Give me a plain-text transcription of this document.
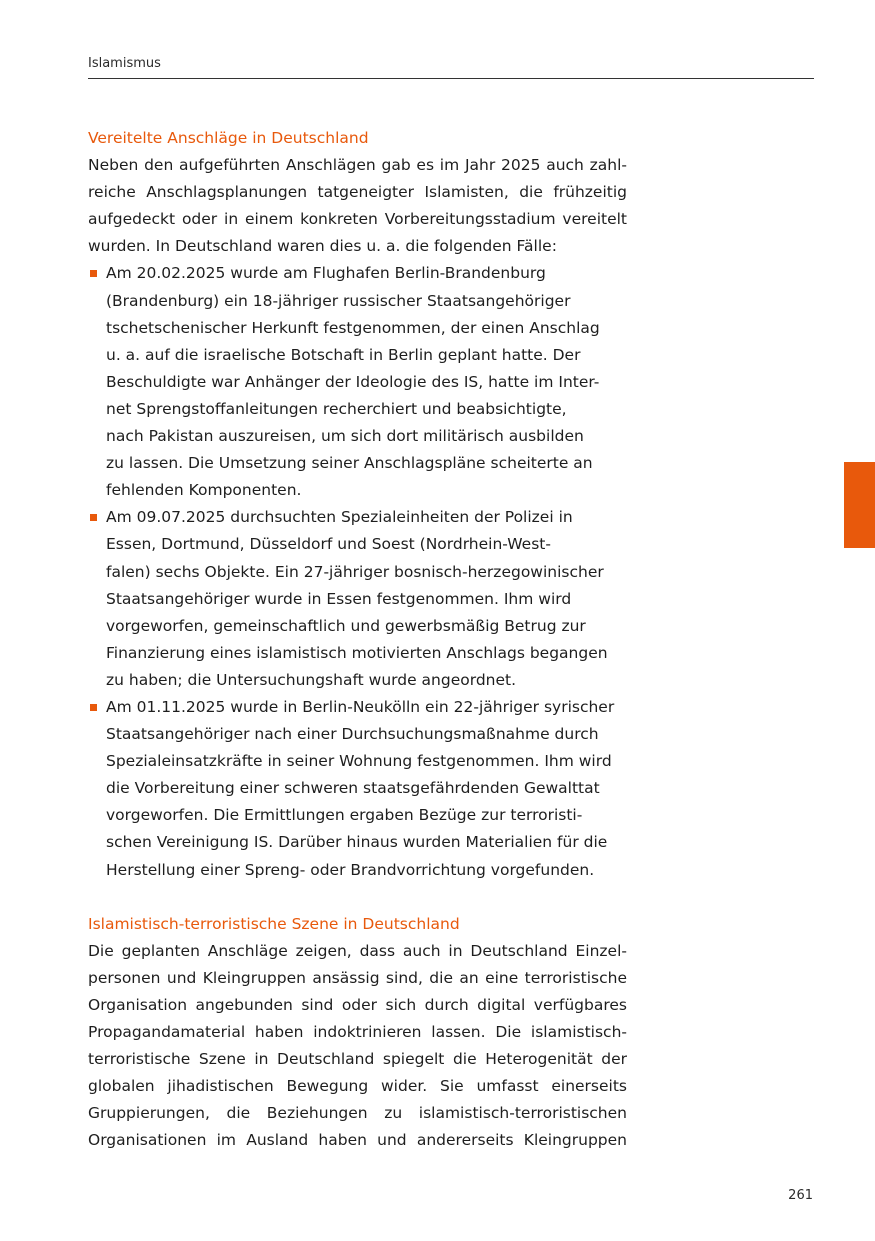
Islamismus
Vereitelte Anschläge in Deutschland
Neben den aufgeführten Anschlägen gab es im Jahr 2025 auch zahl-
reiche Anschlagsplanungen tatgeneigter Islamisten, die frühzeitig
aufgedeckt oder in einem konkreten Vorbereitungsstadium vereitelt
wurden. In Deutschland waren dies u. a. die folgenden Fälle:
Am 20.02.2025 wurde am Flughafen Berlin-Brandenburg
(Brandenburg) ein 18-jähriger russischer Staatsangehöriger
tschetschenischer Herkunft festgenommen, der einen Anschlag
u. a. auf die israelische Botschaft in Berlin geplant hatte. Der
Beschuldigte war Anhänger der Ideologie des IS, hatte im Inter-
net Sprengstoffanleitungen recherchiert und beabsichtigte,
nach Pakistan auszureisen, um sich dort militärisch ausbilden
zu lassen. Die Umsetzung seiner Anschlagspläne scheiterte an
fehlenden Komponenten.
Am 09.07.2025 durchsuchten Spezialeinheiten der Polizei in
Essen, Dortmund, Düsseldorf und Soest (Nordrhein-West-
falen) sechs Objekte. Ein 27-jähriger bosnisch-herzegowinischer
Staatsangehöriger wurde in Essen festgenommen. Ihm wird
vorgeworfen, gemeinschaftlich und gewerbsmäßig Betrug zur
Finanzierung eines islamistisch motivierten Anschlags begangen
zu haben; die Untersuchungshaft wurde angeordnet.
Am 01.11.2025 wurde in Berlin-Neukölln ein 22-jähriger syrischer
Staatsangehöriger nach einer Durchsuchungsmaßnahme durch
Spezialeinsatzkräfte in seiner Wohnung festgenommen. Ihm wird
die Vorbereitung einer schweren staatsgefährdenden Gewalttat
vorgeworfen. Die Ermittlungen ergaben Bezüge zur terroristi-
schen Vereinigung IS. Darüber hinaus wurden Materialien für die
Herstellung einer Spreng- oder Brandvorrichtung vorgefunden.
Islamistisch-terroristische Szene in Deutschland
Die geplanten Anschläge zeigen, dass auch in Deutschland Einzel-
personen und Kleingruppen ansässig sind, die an eine terroristische
Organisation angebunden sind oder sich durch digital verfügbares
Propagandamaterial haben indoktrinieren lassen. Die islamistisch-
terroristische Szene in Deutschland spiegelt die Heterogenität der
globalen jihadistischen Bewegung wider. Sie umfasst einerseits
Gruppierungen, die Beziehungen zu islamistisch-terroristischen
Organisationen im Ausland haben und andererseits Kleingruppen
261
